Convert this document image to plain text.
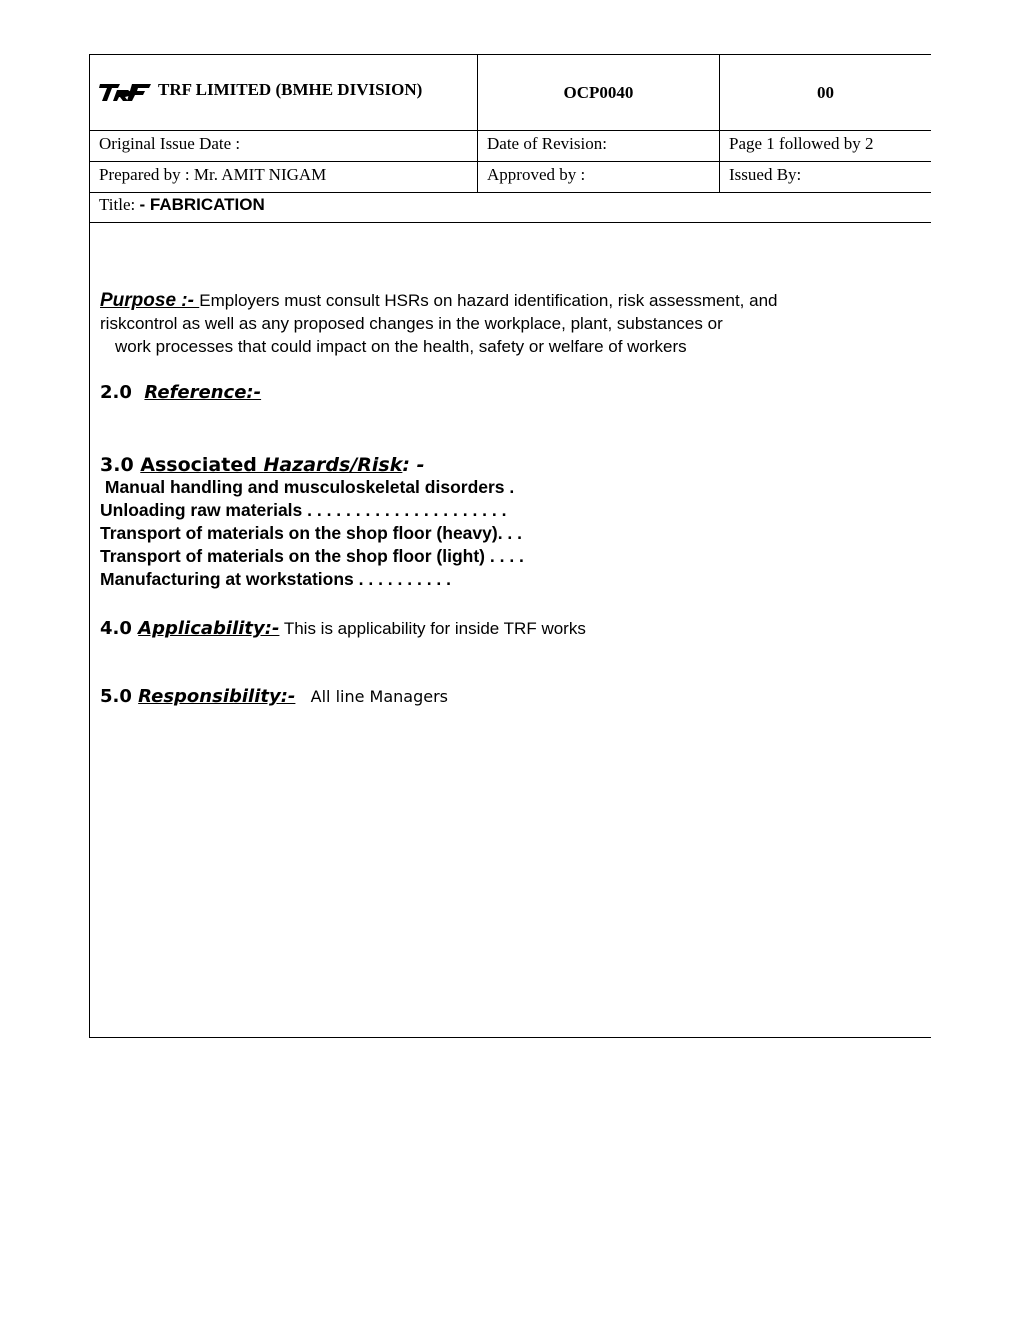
TRF LIMITED (BMHE DIVISION)	OCP0040	00
Original Issue Date :	Date of Revision:	Page 1 followed by 2
Prepared by : Mr. AMIT NIGAM	Approved by :	Issued By:
Title: - FABRICATION
Purpose :- Employers must consult HSRs on hazard identification, risk assessment, and
riskcontrol as well as any proposed changes in the workplace, plant, substances or
work processes that could impact on the health, safety or welfare of workers
2.0  Reference:-
3.0 Associated Hazards/Risk: -
Manual handling and musculoskeletal disorders .
Unloading raw materials . . . . . . . . . . . . . . . . . . . . .
Transport of materials on the shop floor (heavy). . .
Transport of materials on the shop floor (light) . . . .
Manufacturing at workstations . . . . . . . . . .
4.0 Applicability:- This is applicability for inside TRF works
5.0 Responsibility:-   All line Managers
